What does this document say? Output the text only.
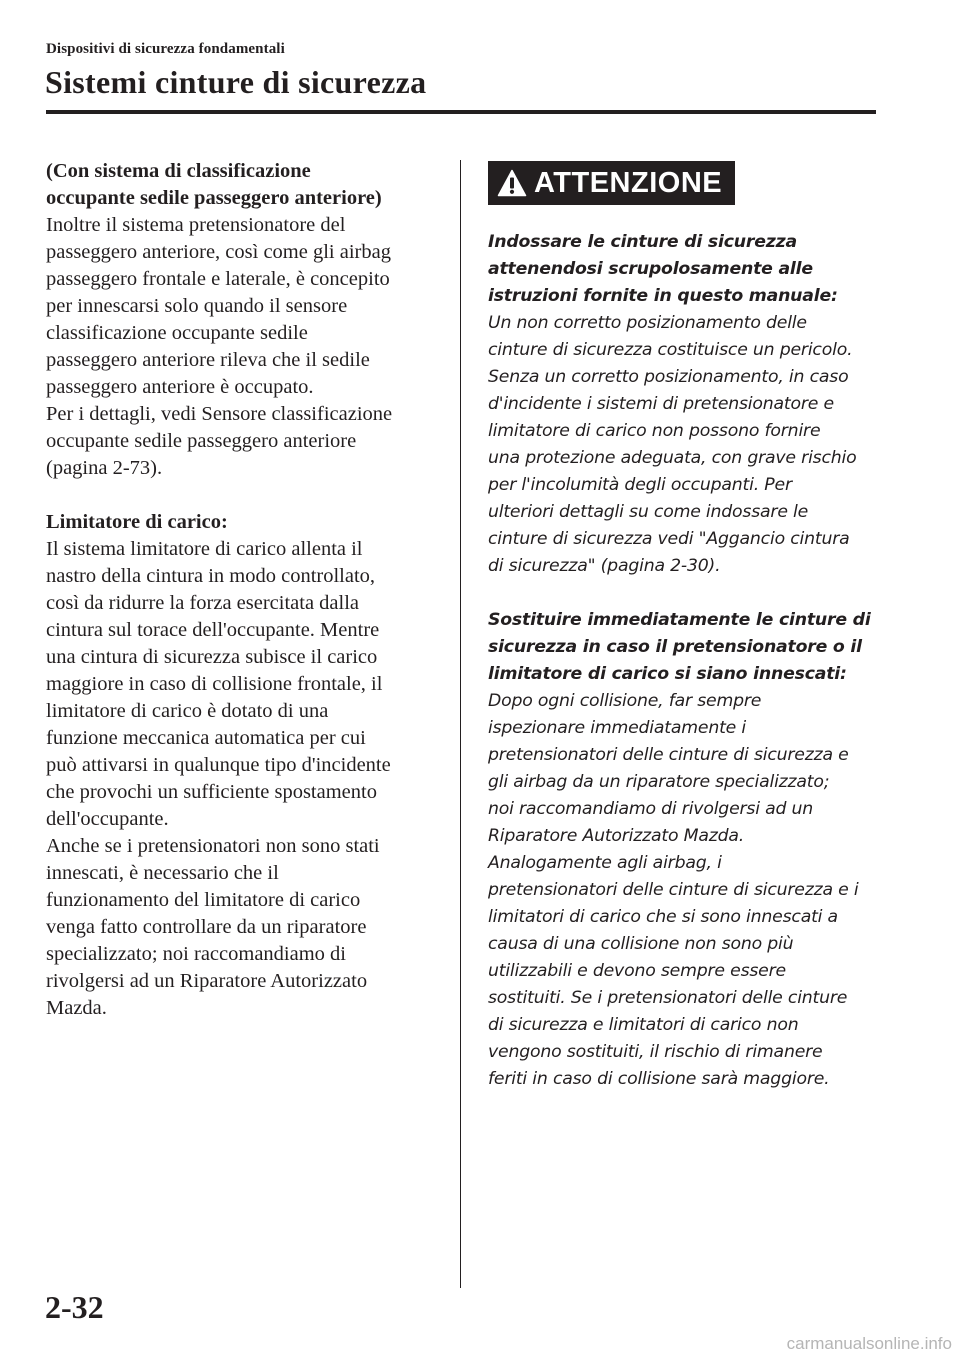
Dispositivi di sicurezza fondamentali
Sistemi cinture di sicurezza

(Con sistema di classificazione
occupante sedile passeggero anteriore)

Inoltre il sistema pretensionatore del
passeggero anteriore, così come gli airbag
passeggero frontale e laterale, è concepito
per innescarsi solo quando il sensore
classificazione occupante sedile
passeggero anteriore rileva che il sedile
passeggero anteriore è occupato.
Per i dettagli, vedi Sensore classificazione
occupante sedile passeggero anteriore
(pagina 2-73).

Limitatore di carico:

Il sistema limitatore di carico allenta il
nastro della cintura in modo controllato,
così da ridurre la forza esercitata dalla
cintura sul torace dell'occupante. Mentre
una cintura di sicurezza subisce il carico
maggiore in caso di collisione frontale, il
limitatore di carico è dotato di una
funzione meccanica automatica per cui
può attivarsi in qualunque tipo d'incidente
che provochi un sufficiente spostamento
dell'occupante.
Anche se i pretensionatori non sono stati
innescati, è necessario che il
funzionamento del limitatore di carico
venga fatto controllare da un riparatore
specializzato; noi raccomandiamo di
rivolgersi ad un Riparatore Autorizzato
Mazda.

ATTENZIONE

Indossare le cinture di sicurezza
attenendosi scrupolosamente alle
istruzioni fornite in questo manuale:

Un non corretto posizionamento delle
cinture di sicurezza costituisce un pericolo.
Senza un corretto posizionamento, in caso
d'incidente i sistemi di pretensionatore e
limitatore di carico non possono fornire
una protezione adeguata, con grave rischio
per l'incolumità degli occupanti. Per
ulteriori dettagli su come indossare le
cinture di sicurezza vedi "Aggancio cintura
di sicurezza" (pagina 2-30).

Sostituire immediatamente le cinture di
sicurezza in caso il pretensionatore o il
limitatore di carico si siano innescati:

Dopo ogni collisione, far sempre
ispezionare immediatamente i
pretensionatori delle cinture di sicurezza e
gli airbag da un riparatore specializzato;
noi raccomandiamo di rivolgersi ad un
Riparatore Autorizzato Mazda.
Analogamente agli airbag, i
pretensionatori delle cinture di sicurezza e i
limitatori di carico che si sono innescati a
causa di una collisione non sono più
utilizzabili e devono sempre essere
sostituiti. Se i pretensionatori delle cinture
di sicurezza e limitatori di carico non
vengono sostituiti, il rischio di rimanere
feriti in caso di collisione sarà maggiore.

2-32
carmanualsonline.info
